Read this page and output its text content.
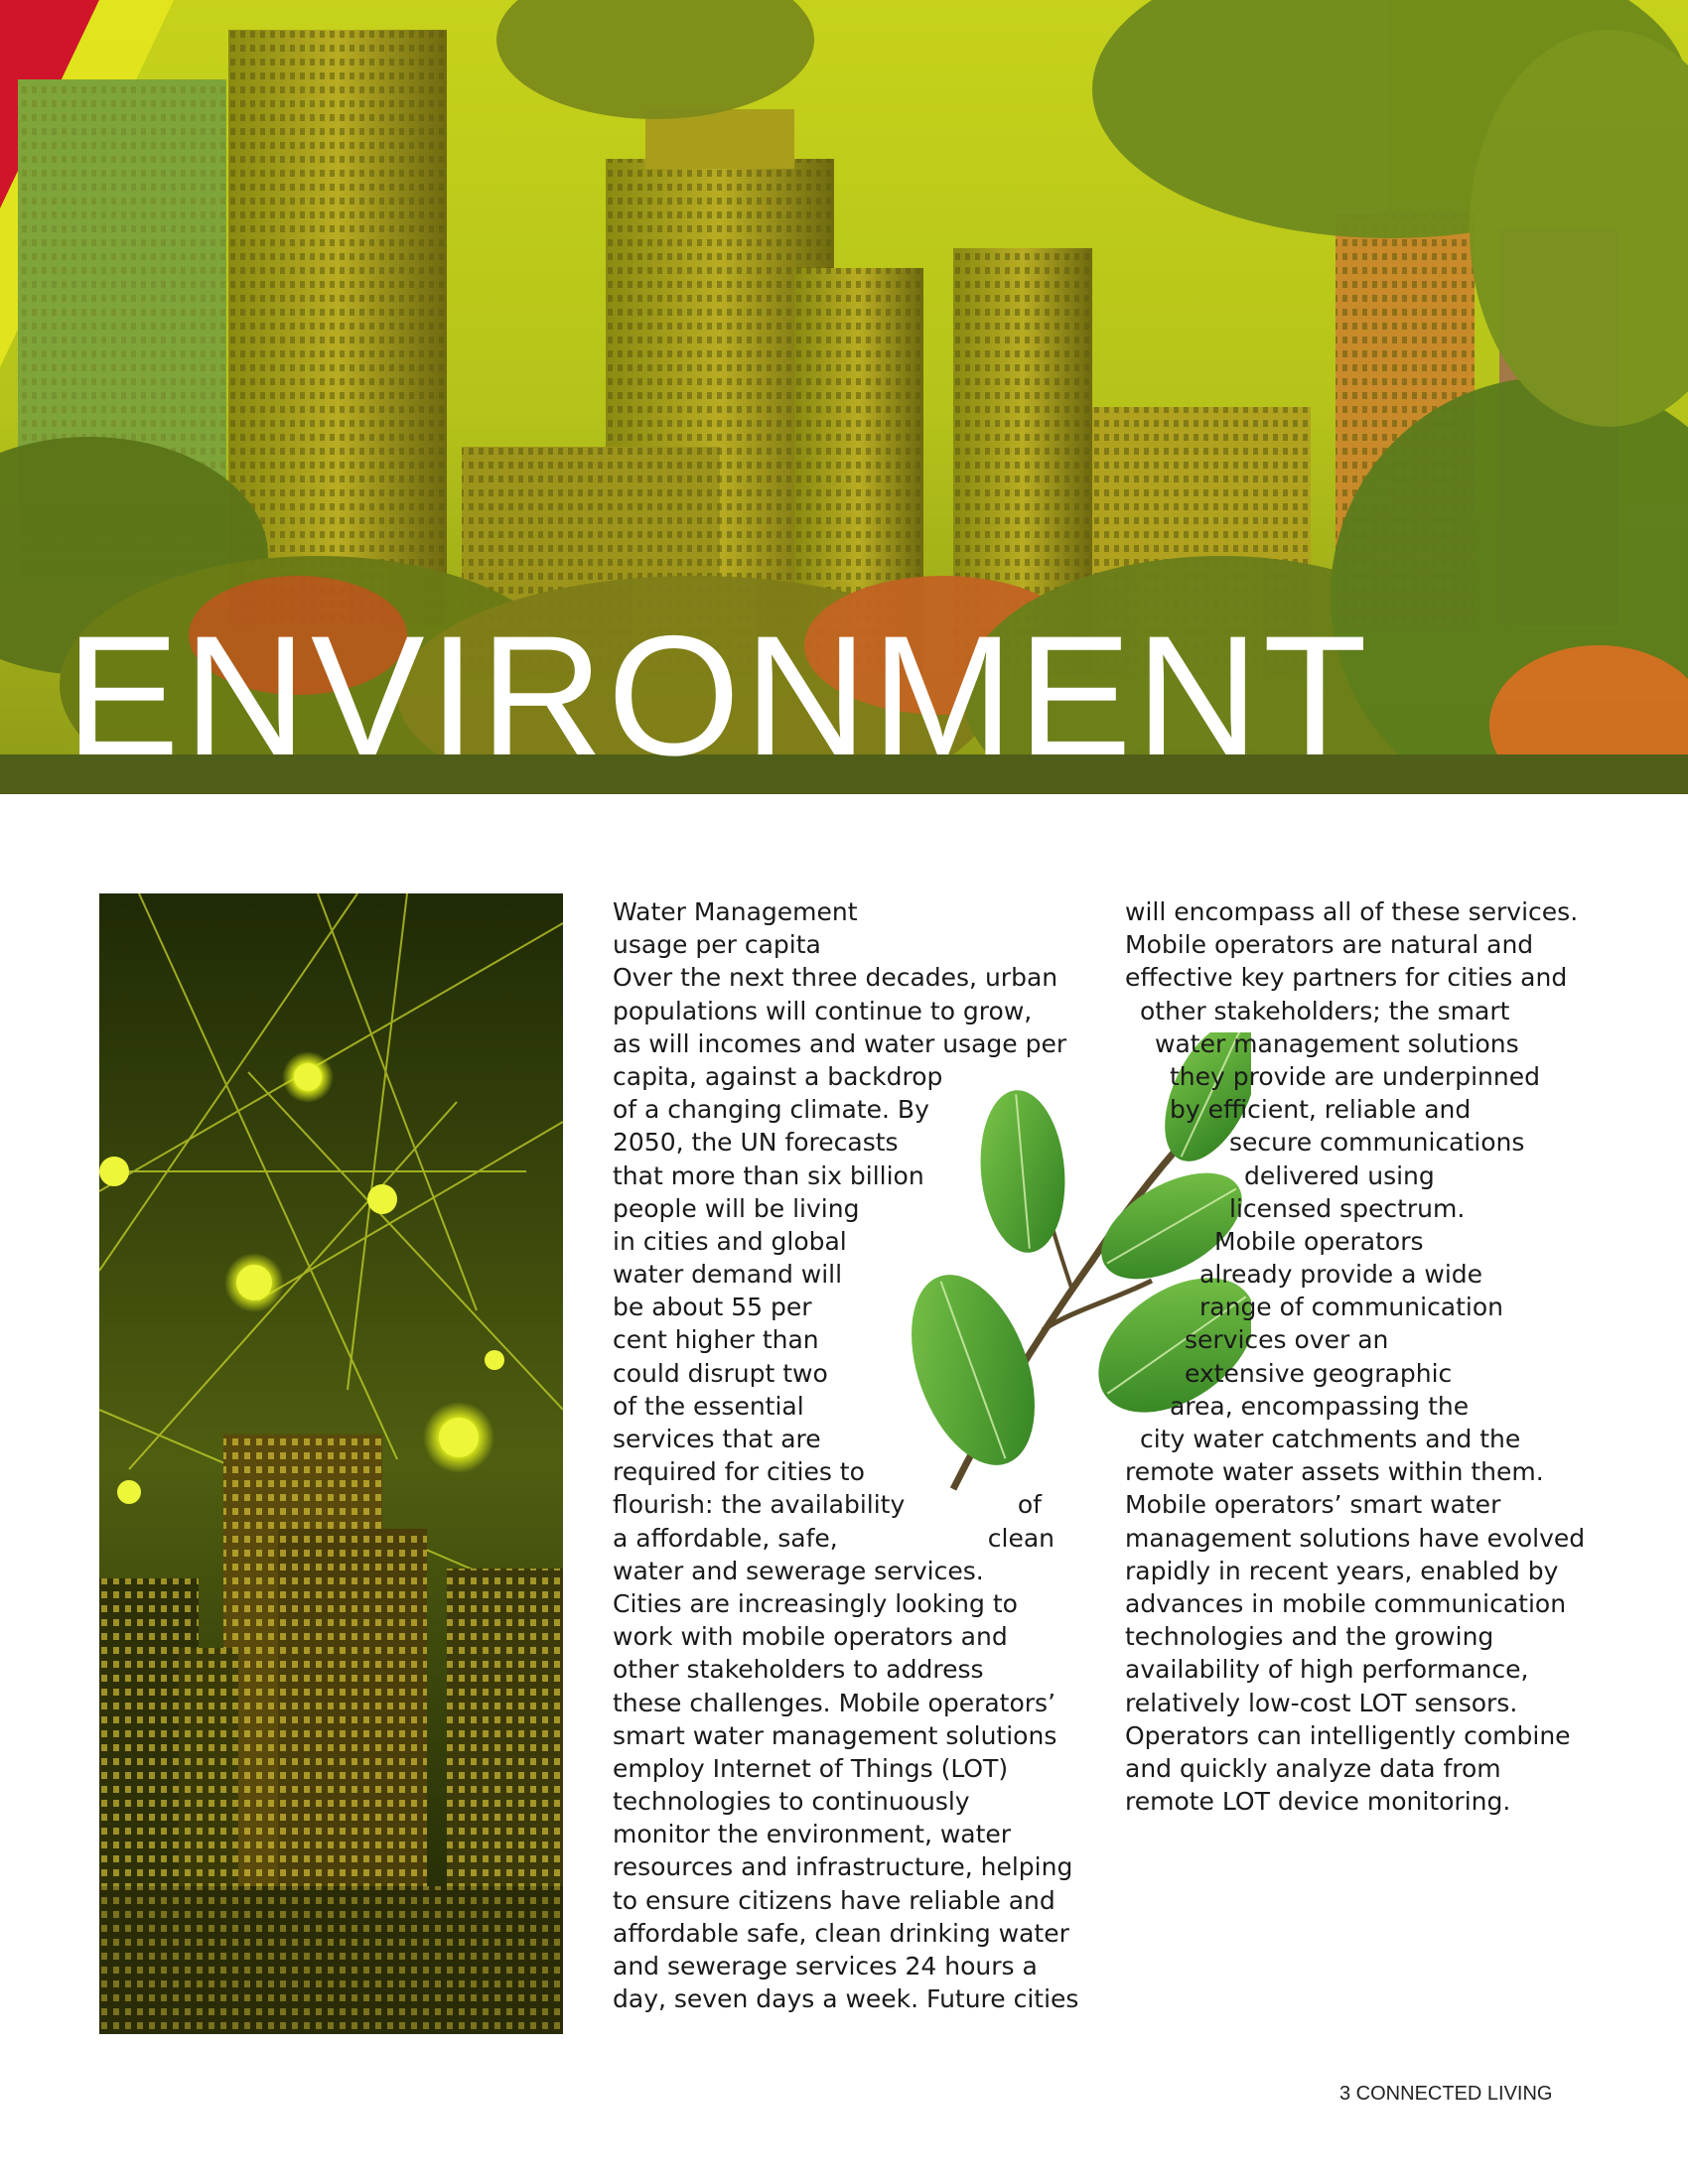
ENVIRONMENT
Water Management
usage per capita
Over the next three decades, urban
populations will continue to grow,
as will incomes and water usage per
capita, against a backdrop
of a changing climate. By
2050, the UN forecasts
that more than six billion
people will be living
in cities and global
water demand will
be about 55 per
cent higher than
could disrupt two
of the essential
services that are
required for cities to
flourish: the availability	of
a affordable, safe,	clean
water and sewerage services.
Cities are increasingly looking to
work with mobile operators and
other stakeholders to address
these challenges. Mobile operators’
smart water management solutions
employ Internet of Things (LOT)
technologies to continuously
monitor the environment, water
resources and infrastructure, helping
to ensure citizens have reliable and
affordable safe, clean drinking water
and sewerage services 24 hours a
day, seven days a week. Future cities
will encompass all of these services.
Mobile operators are natural and
effective key partners for cities and
other stakeholders; the smart
water management solutions
they provide are underpinned
by efficient, reliable and
secure communications
delivered using
licensed spectrum.
Mobile operators
already provide a wide
range of communication
services over an
extensive geographic
area, encompassing the
city water catchments and the
remote water assets within them.
Mobile operators’ smart water
management solutions have evolved
rapidly in recent years, enabled by
advances in mobile communication
technologies and the growing
availability of high performance,
relatively low-cost LOT sensors.
Operators can intelligently combine
and quickly analyze data from
remote LOT device monitoring.
3 CONNECTED LIVING
